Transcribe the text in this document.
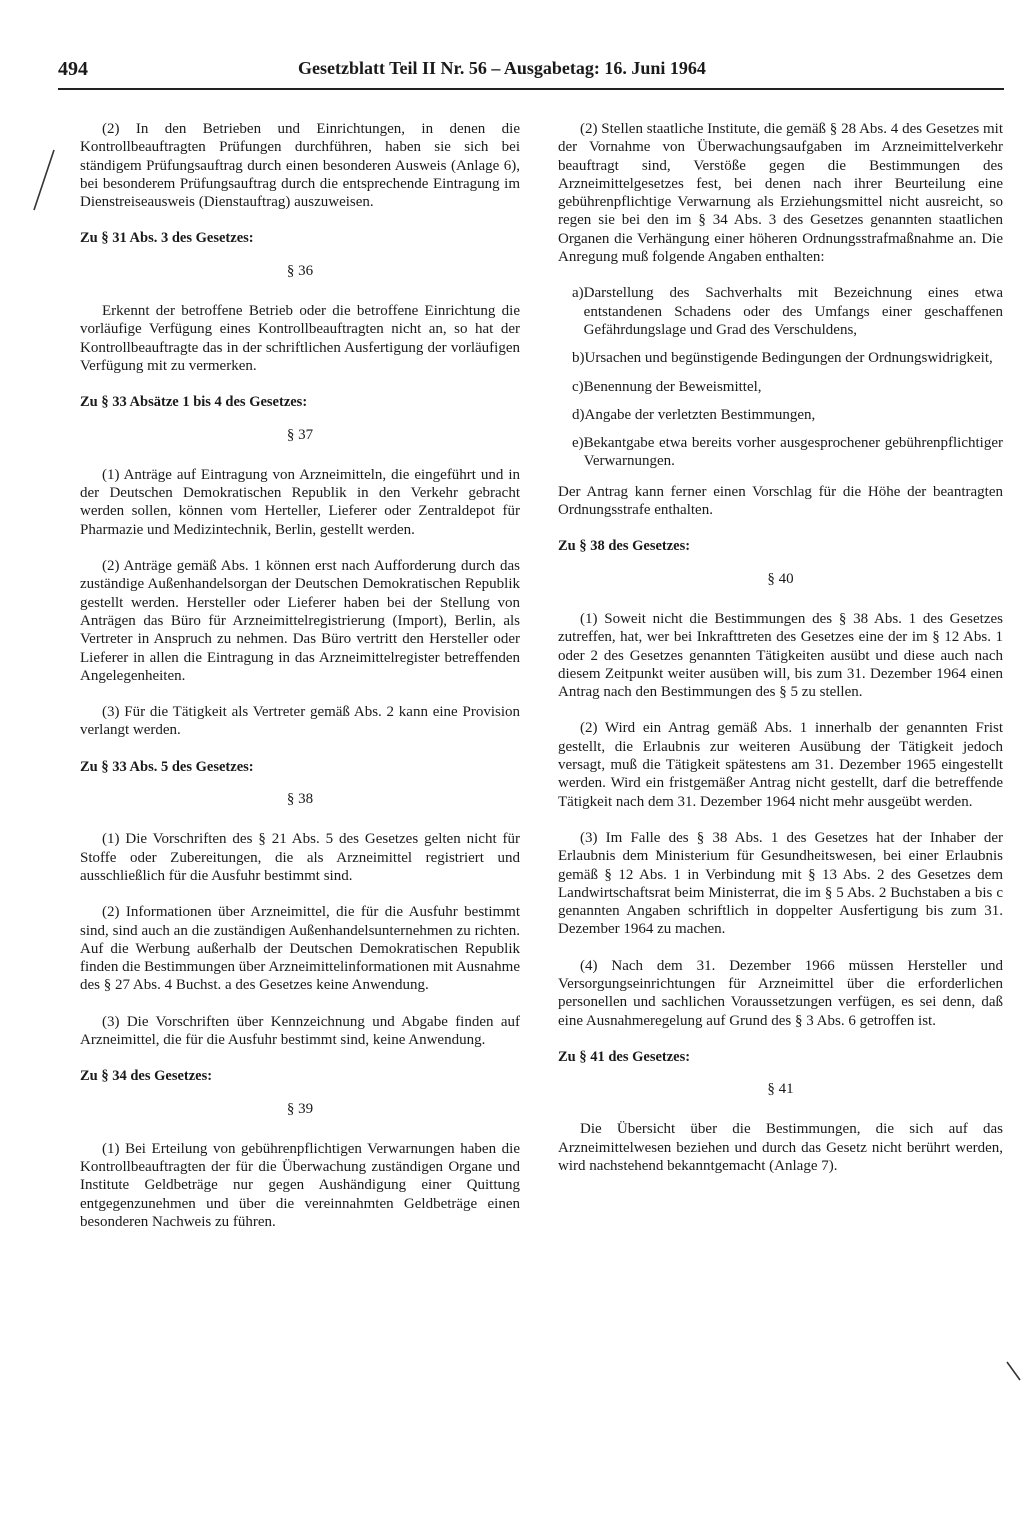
494	Gesetzblatt Teil II Nr. 56 – Ausgabetag: 16. Juni 1964

(2) In den Betrieben und Einrichtungen, in denen die Kontrollbeauftragten Prüfungen durchführen, haben sie sich bei ständigem Prüfungsauftrag durch einen besonderen Ausweis (Anlage 6), bei besonderem Prüfungsauftrag durch die entsprechende Eintragung im Dienstreiseausweis (Dienstauftrag) auszuweisen.

Zu § 31 Abs. 3 des Gesetzes:
§ 36

Erkennt der betroffene Betrieb oder die betroffene Einrichtung die vorläufige Verfügung eines Kontrollbeauftragten nicht an, so hat der Kontrollbeauftragte das in der schriftlichen Ausfertigung der vorläufigen Verfügung mit zu vermerken.

Zu § 33 Absätze 1 bis 4 des Gesetzes:
§ 37

(1) Anträge auf Eintragung von Arzneimitteln, die eingeführt und in der Deutschen Demokratischen Republik in den Verkehr gebracht werden sollen, können vom Herteller, Lieferer oder Zentraldepot für Pharmazie und Medizintechnik, Berlin, gestellt werden.

(2) Anträge gemäß Abs. 1 können erst nach Aufforderung durch das zuständige Außenhandelsorgan der Deutschen Demokratischen Republik gestellt werden. Hersteller oder Lieferer haben bei der Stellung von Anträgen das Büro für Arzneimittelregistrierung (Import), Berlin, als Vertreter in Anspruch zu nehmen. Das Büro vertritt den Hersteller oder Lieferer in allen die Eintragung in das Arzneimittelregister betreffenden Angelegenheiten.

(3) Für die Tätigkeit als Vertreter gemäß Abs. 2 kann eine Provision verlangt werden.

Zu § 33 Abs. 5 des Gesetzes:
§ 38

(1) Die Vorschriften des § 21 Abs. 5 des Gesetzes gelten nicht für Stoffe oder Zubereitungen, die als Arzneimittel registriert und ausschließlich für die Ausfuhr bestimmt sind.

(2) Informationen über Arzneimittel, die für die Ausfuhr bestimmt sind, sind auch an die zuständigen Außenhandelsunternehmen zu richten. Auf die Werbung außerhalb der Deutschen Demokratischen Republik finden die Bestimmungen über Arzneimittelinformationen mit Ausnahme des § 27 Abs. 4 Buchst. a des Gesetzes keine Anwendung.

(3) Die Vorschriften über Kennzeichnung und Abgabe finden auf Arzneimittel, die für die Ausfuhr bestimmt sind, keine Anwendung.

Zu § 34 des Gesetzes:
§ 39

(1) Bei Erteilung von gebührenpflichtigen Verwarnungen haben die Kontrollbeauftragten der für die Überwachung zuständigen Organe und Institute Geldbeträge nur gegen Aushändigung einer Quittung entgegenzunehmen und über die vereinnahmten Geldbeträge einen besonderen Nachweis zu führen.

(2) Stellen staatliche Institute, die gemäß § 28 Abs. 4 des Gesetzes mit der Vornahme von Überwachungsaufgaben im Arzneimittelverkehr beauftragt sind, Verstöße gegen die Bestimmungen des Arzneimittelgesetzes fest, bei denen nach ihrer Beurteilung eine gebührenpflichtige Verwarnung als Erziehungsmittel nicht ausreicht, so regen sie bei den im § 34 Abs. 3 des Gesetzes genannten staatlichen Organen die Verhängung einer höheren Ordnungsstrafmaßnahme an. Die Anregung muß folgende Angaben enthalten:

a) Darstellung des Sachverhalts mit Bezeichnung eines etwa entstandenen Schadens oder des Umfangs einer geschaffenen Gefährdungslage und Grad des Verschuldens,
b) Ursachen und begünstigende Bedingungen der Ordnungswidrigkeit,
c) Benennung der Beweismittel,
d) Angabe der verletzten Bestimmungen,
e) Bekantgabe etwa bereits vorher ausgesprochener gebührenpflichtiger Verwarnungen.

Der Antrag kann ferner einen Vorschlag für die Höhe der beantragten Ordnungsstrafe enthalten.

Zu § 38 des Gesetzes:
§ 40

(1) Soweit nicht die Bestimmungen des § 38 Abs. 1 des Gesetzes zutreffen, hat, wer bei Inkrafttreten des Gesetzes eine der im § 12 Abs. 1 oder 2 des Gesetzes genannten Tätigkeiten ausübt und diese auch nach diesem Zeitpunkt weiter ausüben will, bis zum 31. Dezember 1964 einen Antrag nach den Bestimmungen des § 5 zu stellen.

(2) Wird ein Antrag gemäß Abs. 1 innerhalb der genannten Frist gestellt, die Erlaubnis zur weiteren Ausübung der Tätigkeit jedoch versagt, muß die Tätigkeit spätestens am 31. Dezember 1965 eingestellt werden. Wird ein fristgemäßer Antrag nicht gestellt, darf die betreffende Tätigkeit nach dem 31. Dezember 1964 nicht mehr ausgeübt werden.

(3) Im Falle des § 38 Abs. 1 des Gesetzes hat der Inhaber der Erlaubnis dem Ministerium für Gesundheitswesen, bei einer Erlaubnis gemäß § 12 Abs. 1 in Verbindung mit § 13 Abs. 2 des Gesetzes dem Landwirtschaftsrat beim Ministerrat, die im § 5 Abs. 2 Buchstaben a bis c genannten Angaben schriftlich in doppelter Ausfertigung bis zum 31. Dezember 1964 zu machen.

(4) Nach dem 31. Dezember 1966 müssen Hersteller und Versorgungseinrichtungen für Arzneimittel über die erforderlichen personellen und sachlichen Voraussetzungen verfügen, es sei denn, daß eine Ausnahmeregelung auf Grund des § 3 Abs. 6 getroffen ist.

Zu § 41 des Gesetzes:
§ 41

Die Übersicht über die Bestimmungen, die sich auf das Arzneimittelwesen beziehen und durch das Gesetz nicht berührt werden, wird nachstehend bekanntgemacht (Anlage 7).
